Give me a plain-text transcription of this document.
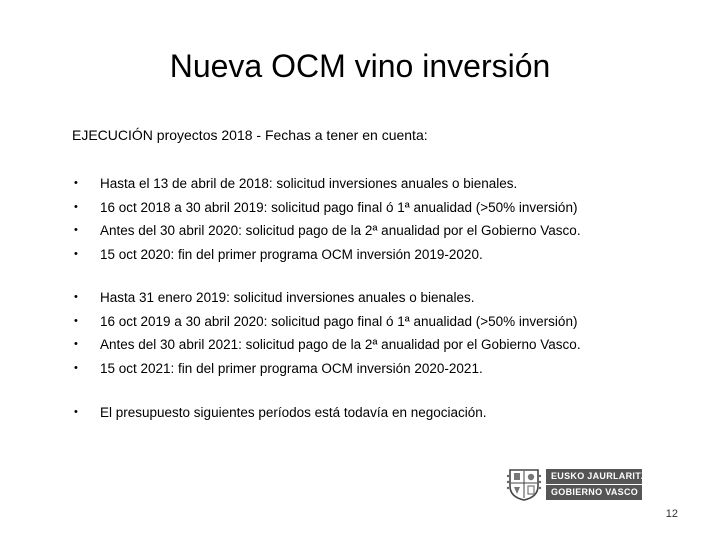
Nueva OCM vino inversión
EJECUCIÓN proyectos 2018 - Fechas a tener en cuenta:
• Hasta el 13 de abril de 2018: solicitud inversiones anuales o bienales.
• 16 oct 2018 a 30 abril 2019: solicitud pago final ó 1ª anualidad (>50% inversión)
• Antes del 30 abril 2020: solicitud pago de la 2ª anualidad por el Gobierno Vasco.
• 15 oct 2020: fin del primer programa OCM inversión 2019-2020.
• Hasta 31 enero 2019: solicitud inversiones anuales o bienales.
• 16 oct 2019 a 30 abril 2020: solicitud pago final ó 1ª anualidad (>50% inversión)
• Antes del 30 abril 2021: solicitud pago de la 2ª anualidad por el Gobierno Vasco.
• 15 oct 2021: fin del primer programa OCM inversión 2020-2021.
• El presupuesto siguientes períodos está todavía en negociación.
EUSKO JAURLARITZA
GOBIERNO VASCO
12
